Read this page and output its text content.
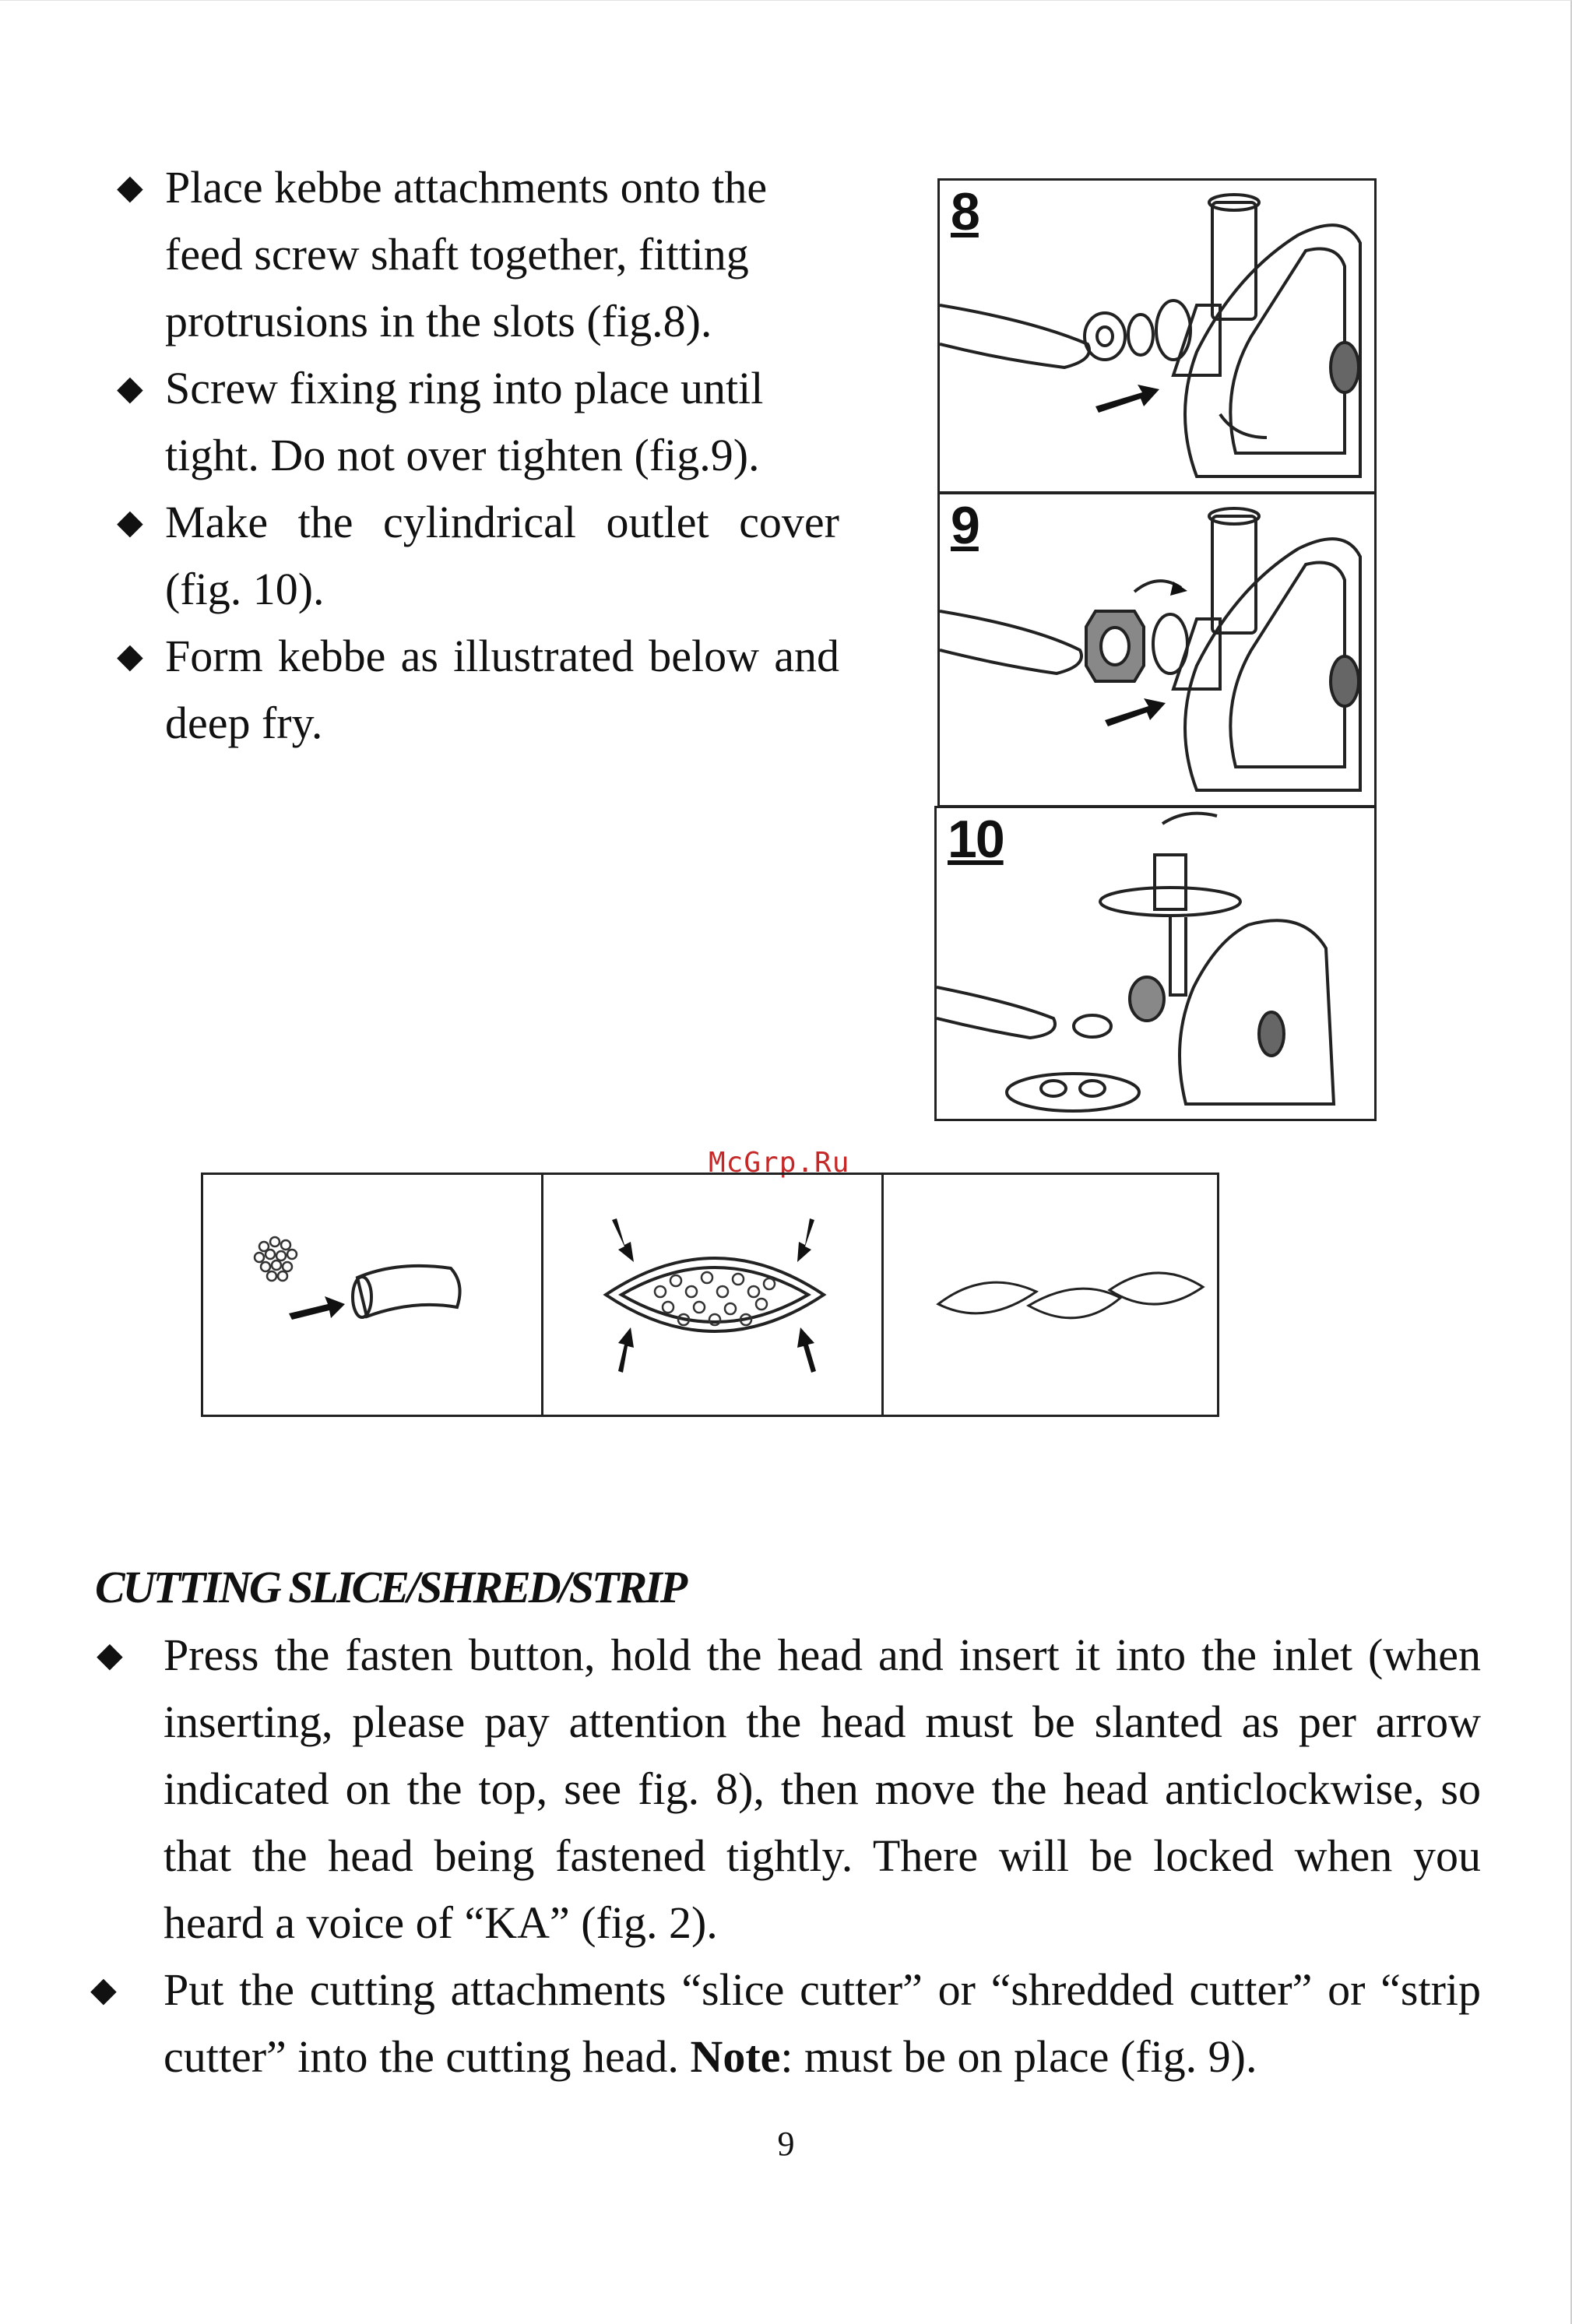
◆ Place kebbe attachments onto the feed screw shaft together, fitting protrusions in the slots (fig.8).
◆ Screw fixing ring into place until tight. Do not over tighten (fig.9).
◆ Make the cylindrical outlet cover (fig. 10).
◆ Form kebbe as illustrated below and deep fry.
8
9
10
McGrp.Ru
CUTTING SLICE/SHRED/STRIP
◆ Press the fasten button, hold the head and insert it into the inlet (when inserting, please pay attention the head must be slanted as per arrow indicated on the top, see fig. 8), then move the head anticlockwise, so that the head being fastened tightly. There will be locked when you heard a voice of “KA” (fig. 2).
◆ Put the cutting attachments “slice cutter” or “shredded cutter” or “strip cutter” into the cutting head. Note: must be on place (fig. 9).
9
